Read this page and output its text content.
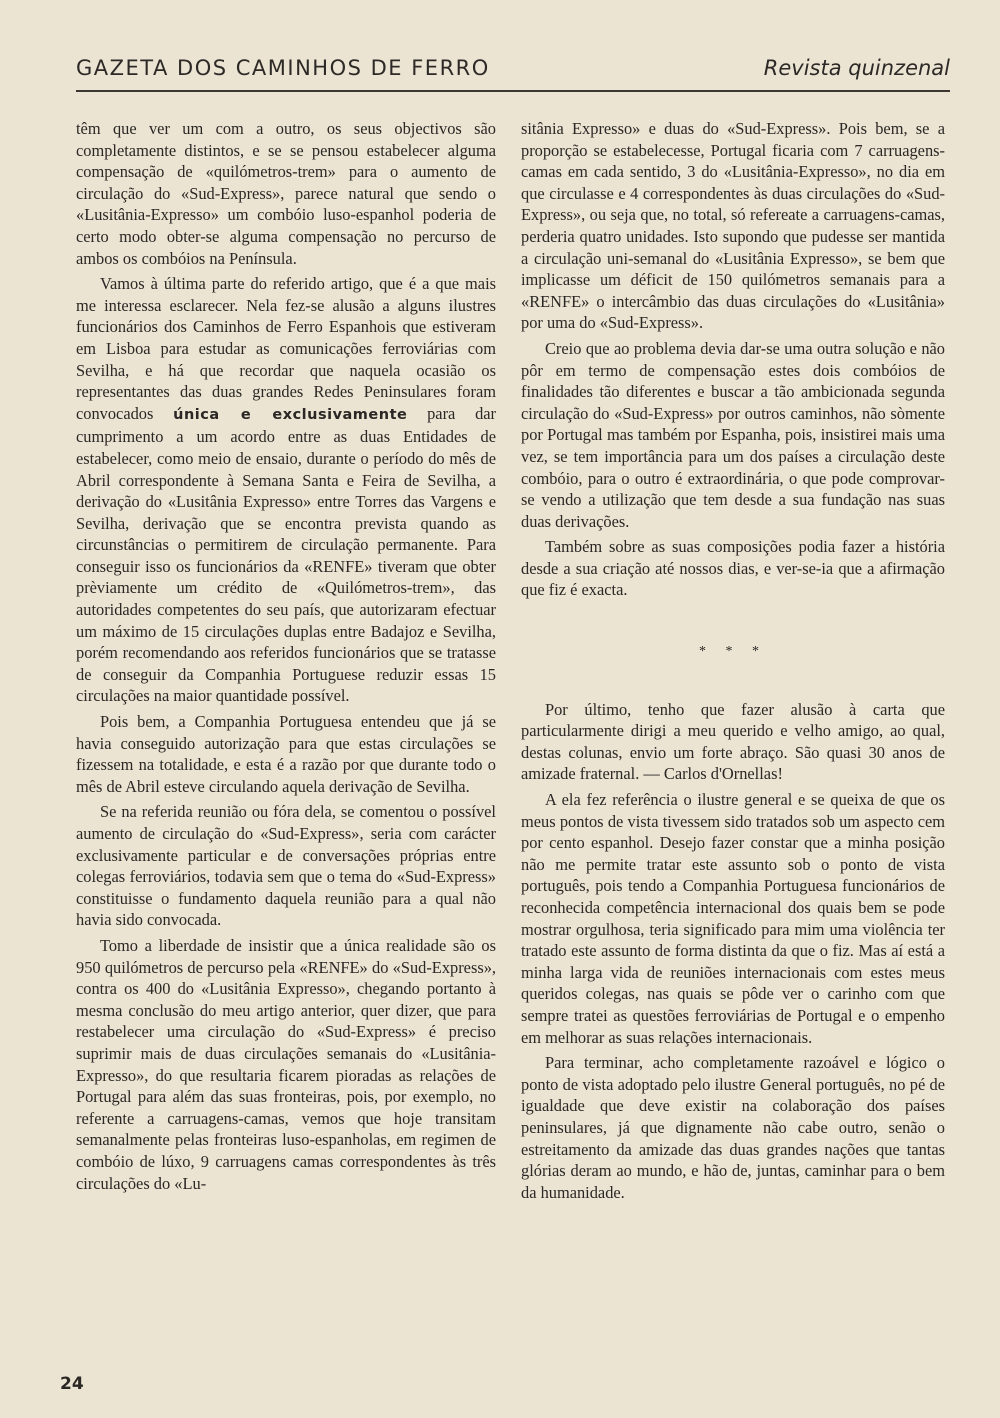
GAZETA DOS CAMINHOS DE FERRO	Revista quinzenal

têm que ver um com a outro, os seus objectivos são completamente distintos, e se se pensou estabelecer alguma compensação de «quilómetros-trem» para o aumento de circulação do «Sud-Express», parece natural que sendo o «Lusitânia-Expresso» um combóio luso-espanhol poderia de certo modo obter-se alguma compensação no percurso de ambos os combóios na Península.

Vamos à última parte do referido artigo, que é a que mais me interessa esclarecer. Nela fez-se alusão a alguns ilustres funcionários dos Caminhos de Ferro Espanhois que estiveram em Lisboa para estudar as comunicações ferroviárias com Sevilha, e há que recordar que naquela ocasião os representantes das duas grandes Redes Peninsulares foram convocados única e exclusivamente para dar cumprimento a um acordo entre as duas Entidades de estabelecer, como meio de ensaio, durante o período do mês de Abril correspondente à Semana Santa e Feira de Sevilha, a derivação do «Lusitânia Expresso» entre Torres das Vargens e Sevilha, derivação que se encontra prevista quando as circunstâncias o permitirem de circulação permanente. Para conseguir isso os funcionários da «RENFE» tiveram que obter prèviamente um crédito de «Quilómetros-trem», das autoridades competentes do seu país, que autorizaram efectuar um máximo de 15 circulações duplas entre Badajoz e Sevilha, porém recomendando aos referidos funcionários que se tratasse de conseguir da Companhia Portuguese reduzir essas 15 circulações na maior quantidade possível.

Pois bem, a Companhia Portuguesa entendeu que já se havia conseguido autorização para que estas circulações se fizessem na totalidade, e esta é a razão por que durante todo o mês de Abril esteve circulando aquela derivação de Sevilha.

Se na referida reunião ou fóra dela, se comentou o possível aumento de circulação do «Sud-Express», seria com carácter exclusivamente particular e de conversações próprias entre colegas ferroviários, todavia sem que o tema do «Sud-Express» constituisse o fundamento daquela reunião para a qual não havia sido convocada.

Tomo a liberdade de insistir que a única realidade são os 950 quilómetros de percurso pela «RENFE» do «Sud-Express», contra os 400 do «Lusitânia Expresso», chegando portanto à mesma conclusão do meu artigo anterior, quer dizer, que para restabelecer uma circulação do «Sud-Express» é preciso suprimir mais de duas circulações semanais do «Lusitânia-Expresso», do que resultaria ficarem pioradas as relações de Portugal para além das suas fronteiras, pois, por exemplo, no referente a carruagens-camas, vemos que hoje transitam semanalmente pelas fronteiras luso-espanholas, em regimen de combóio de lúxo, 9 carruagens camas correspondentes às três circulações do «Lu-

sitânia Expresso» e duas do «Sud-Express». Pois bem, se a proporção se estabelecesse, Portugal ficaria com 7 carruagens-camas em cada sentido, 3 do «Lusitânia-Expresso», no dia em que circulasse e 4 correspondentes às duas circulações do «Sud-Express», ou seja que, no total, só refereate a carruagens-camas, perderia quatro unidades. Isto supondo que pudesse ser mantida a circulação uni-semanal do «Lusitânia Expresso», se bem que implicasse um déficit de 150 quilómetros semanais para a «RENFE» o intercâmbio das duas circulações do «Lusitânia» por uma do «Sud-Express».

Creio que ao problema devia dar-se uma outra solução e não pôr em termo de compensação estes dois combóios de finalidades tão diferentes e buscar a tão ambicionada segunda circulação do «Sud-Express» por outros caminhos, não sòmente por Portugal mas também por Espanha, pois, insistirei mais uma vez, se tem importância para um dos países a circulação deste combóio, para o outro é extraordinária, o que pode comprovar-se vendo a utilização que tem desde a sua fundação nas suas duas derivações.

Também sobre as suas composições podia fazer a história desde a sua criação até nossos dias, e ver-se-ia que a afirmação que fiz é exacta.

* * *

Por último, tenho que fazer alusão à carta que particularmente dirigi a meu querido e velho amigo, ao qual, destas colunas, envio um forte abraço. São quasi 30 anos de amizade fraternal. — Carlos d'Ornellas!

A ela fez referência o ilustre general e se queixa de que os meus pontos de vista tivessem sido tratados sob um aspecto cem por cento espanhol. Desejo fazer constar que a minha posição não me permite tratar este assunto sob o ponto de vista português, pois tendo a Companhia Portuguesa funcionários de reconhecida competência internacional dos quais bem se pode mostrar orgulhosa, teria significado para mim uma violência ter tratado este assunto de forma distinta da que o fiz. Mas aí está a minha larga vida de reuniões internacionais com estes meus queridos colegas, nas quais se pôde ver o carinho com que sempre tratei as questões ferroviárias de Portugal e o empenho em melhorar as suas relações internacionais.

Para terminar, acho completamente razoável e lógico o ponto de vista adoptado pelo ilustre General português, no pé de igualdade que deve existir na colaboração dos países peninsulares, já que dignamente não cabe outro, senão o estreitamento da amizade das duas grandes nações que tantas glórias deram ao mundo, e hão de, juntas, caminhar para o bem da humanidade.

24
